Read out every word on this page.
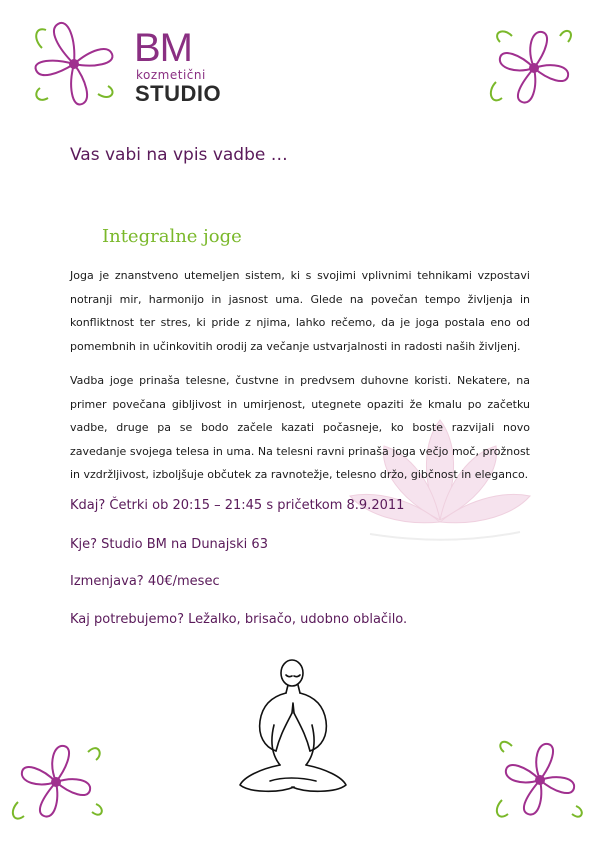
BM
kozmetični
STUDIO
Vas vabi na vpis vadbe …
Integralne joge
Joga je znanstveno utemeljen sistem, ki s svojimi vplivnimi tehnikami vzpostavi notranji mir, harmonijo in jasnost uma. Glede na povečan tempo življenja in konfliktnost ter stres, ki pride z njima, lahko rečemo, da je joga postala eno od pomembnih in učinkovitih orodij za večanje ustvarjalnosti in radosti naših življenj.
Vadba joge prinaša telesne, čustvne in predvsem duhovne koristi. Nekatere, na primer povečana gibljivost in umirjenost, utegnete opaziti že kmalu po začetku vadbe, druge pa se bodo začele kazati počasneje, ko boste razvijali novo zavedanje svojega telesa in uma. Na telesni ravni prinaša joga večjo moč, prožnost in vzdržljivost, izboljšuje občutek za ravnotežje, telesno držo, gibčnost in eleganco.
Kdaj? Četrki ob 20:15 – 21:45 s pričetkom 8.9.2011
Kje? Studio BM na Dunajski 63
Izmenjava? 40€/mesec
Kaj potrebujemo? Ležalko, brisačo, udobno oblačilo.
